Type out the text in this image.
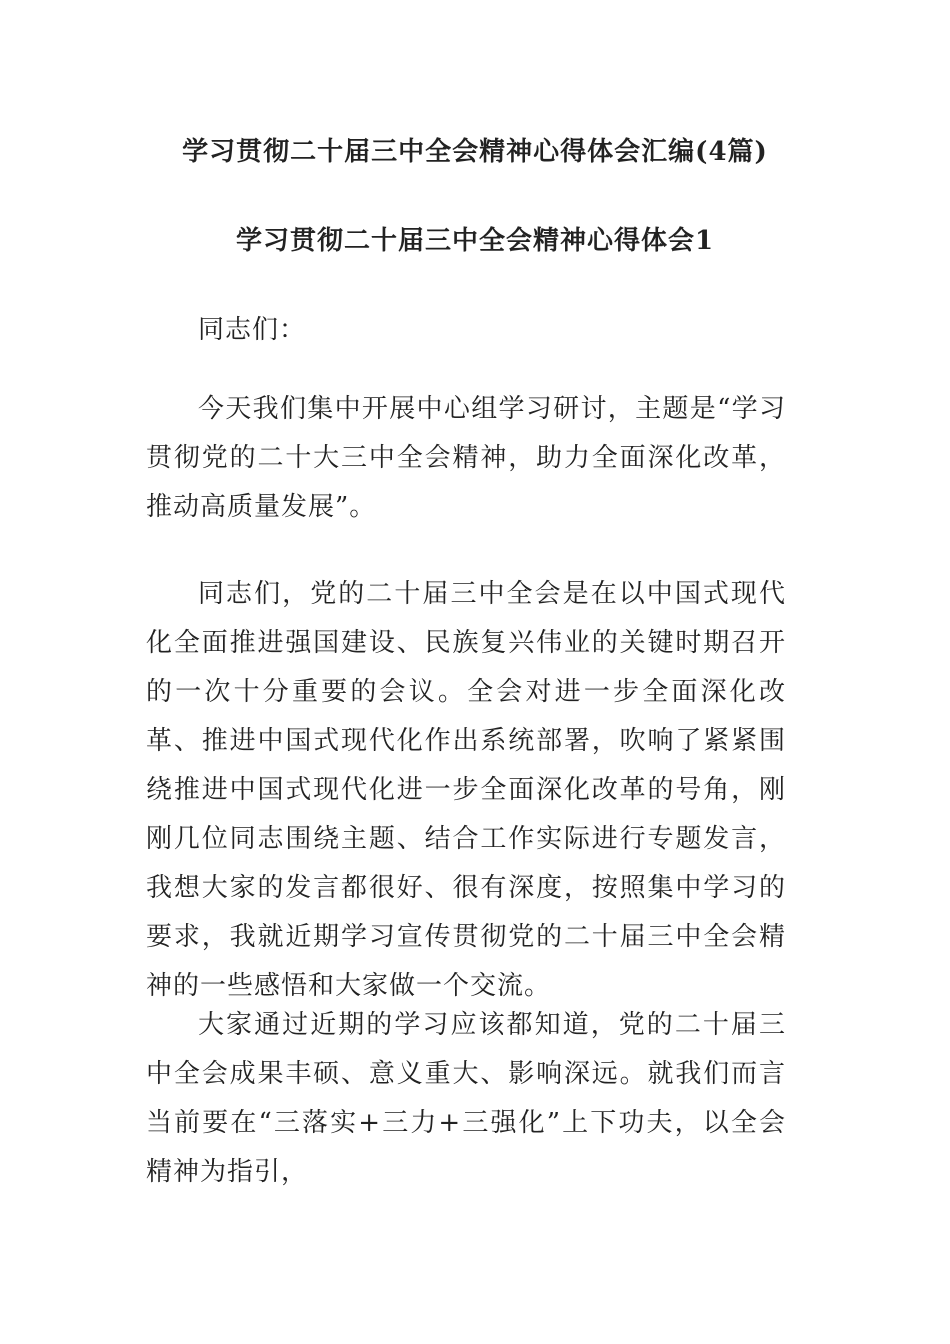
学习贯彻二十届三中全会精神心得体会汇编(4篇)
学习贯彻二十届三中全会精神心得体会1

同志们：

今天我们集中开展中心组学习研讨，主题是“学习贯彻党的二十大三中全会精神，助力全面深化改革，推动高质量发展”。

同志们，党的二十届三中全会是在以中国式现代化全面推进强国建设、民族复兴伟业的关键时期召开的一次十分重要的会议。全会对进一步全面深化改革、推进中国式现代化作出系统部署，吹响了紧紧围绕推进中国式现代化进一步全面深化改革的号角，刚刚几位同志围绕主题、结合工作实际进行专题发言，我想大家的发言都很好、很有深度，按照集中学习的要求，我就近期学习宣传贯彻党的二十届三中全会精神的一些感悟和大家做一个交流。

大家通过近期的学习应该都知道，党的二十届三中全会成果丰硕、意义重大、影响深远。就我们而言当前要在“三落实+三力+三强化”上下功夫，以全会精神为指引，
